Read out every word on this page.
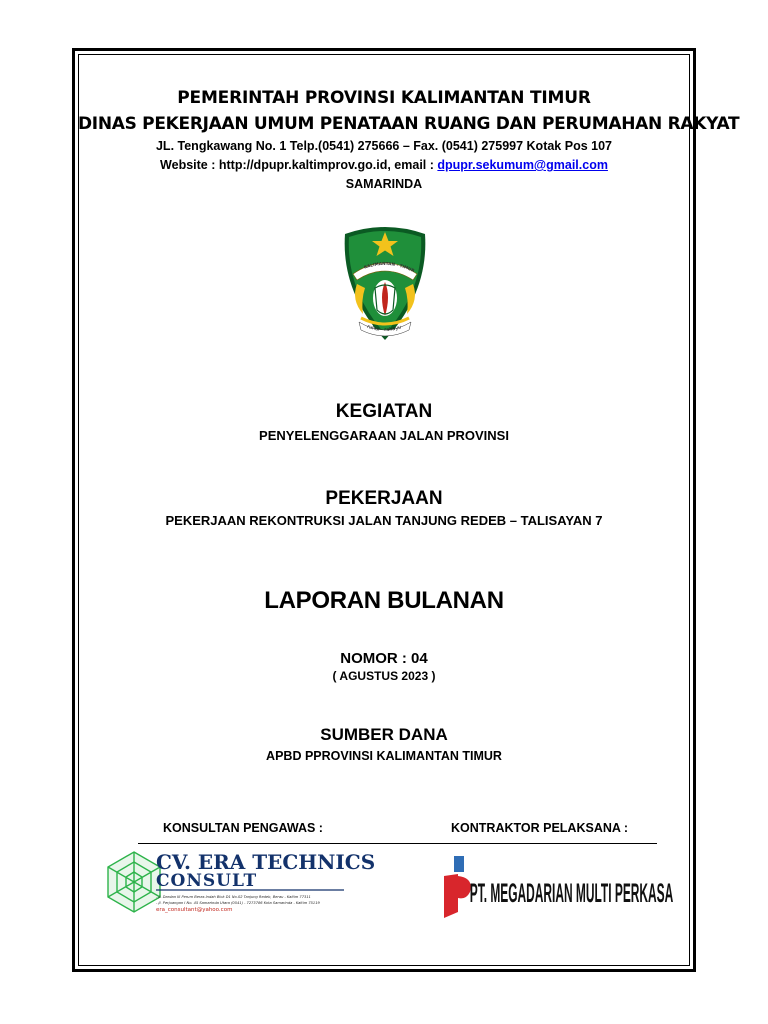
PEMERINTAH PROVINSI KALIMANTAN TIMUR
DINAS PEKERJAAN UMUM PENATAAN RUANG DAN PERUMAHAN RAKYAT
JL. Tengkawang No. 1 Telp.(0541) 275666 – Fax. (0541) 275997 Kotak Pos 107
Website : http://dpupr.kaltimprov.go.id, email : dpupr.sekumum@gmail.com
SAMARINDA
KALIMANTAN - TIMUR
ruhui - rahayu
KEGIATAN
PENYELENGGARAAN JALAN PROVINSI
PEKERJAAN
PEKERJAAN REKONTRUKSI JALAN TANJUNG REDEB – TALISAYAN 7
LAPORAN BULANAN
NOMOR : 04
( AGUSTUS 2023 )
SUMBER DANA
APBD PPROVINSI KALIMANTAN TIMUR
KONSULTAN PENGAWAS :	KONTRAKTOR PELAKSANA :
CV. ERA TECHNICS
CONSULT
- Jl. Dardan III Perum Beras Indah Blok D1 No.02 Tanjung Redeb, Berau - Kaltim 77311
- Jl. Perjuangan I No. 45 Samarinda Utara (0541) - 7273786 Kota Samarinda - Kaltim 75119
era_consultant@yahoo.com
PT. MEGADARIAN MULTI PERKASA
